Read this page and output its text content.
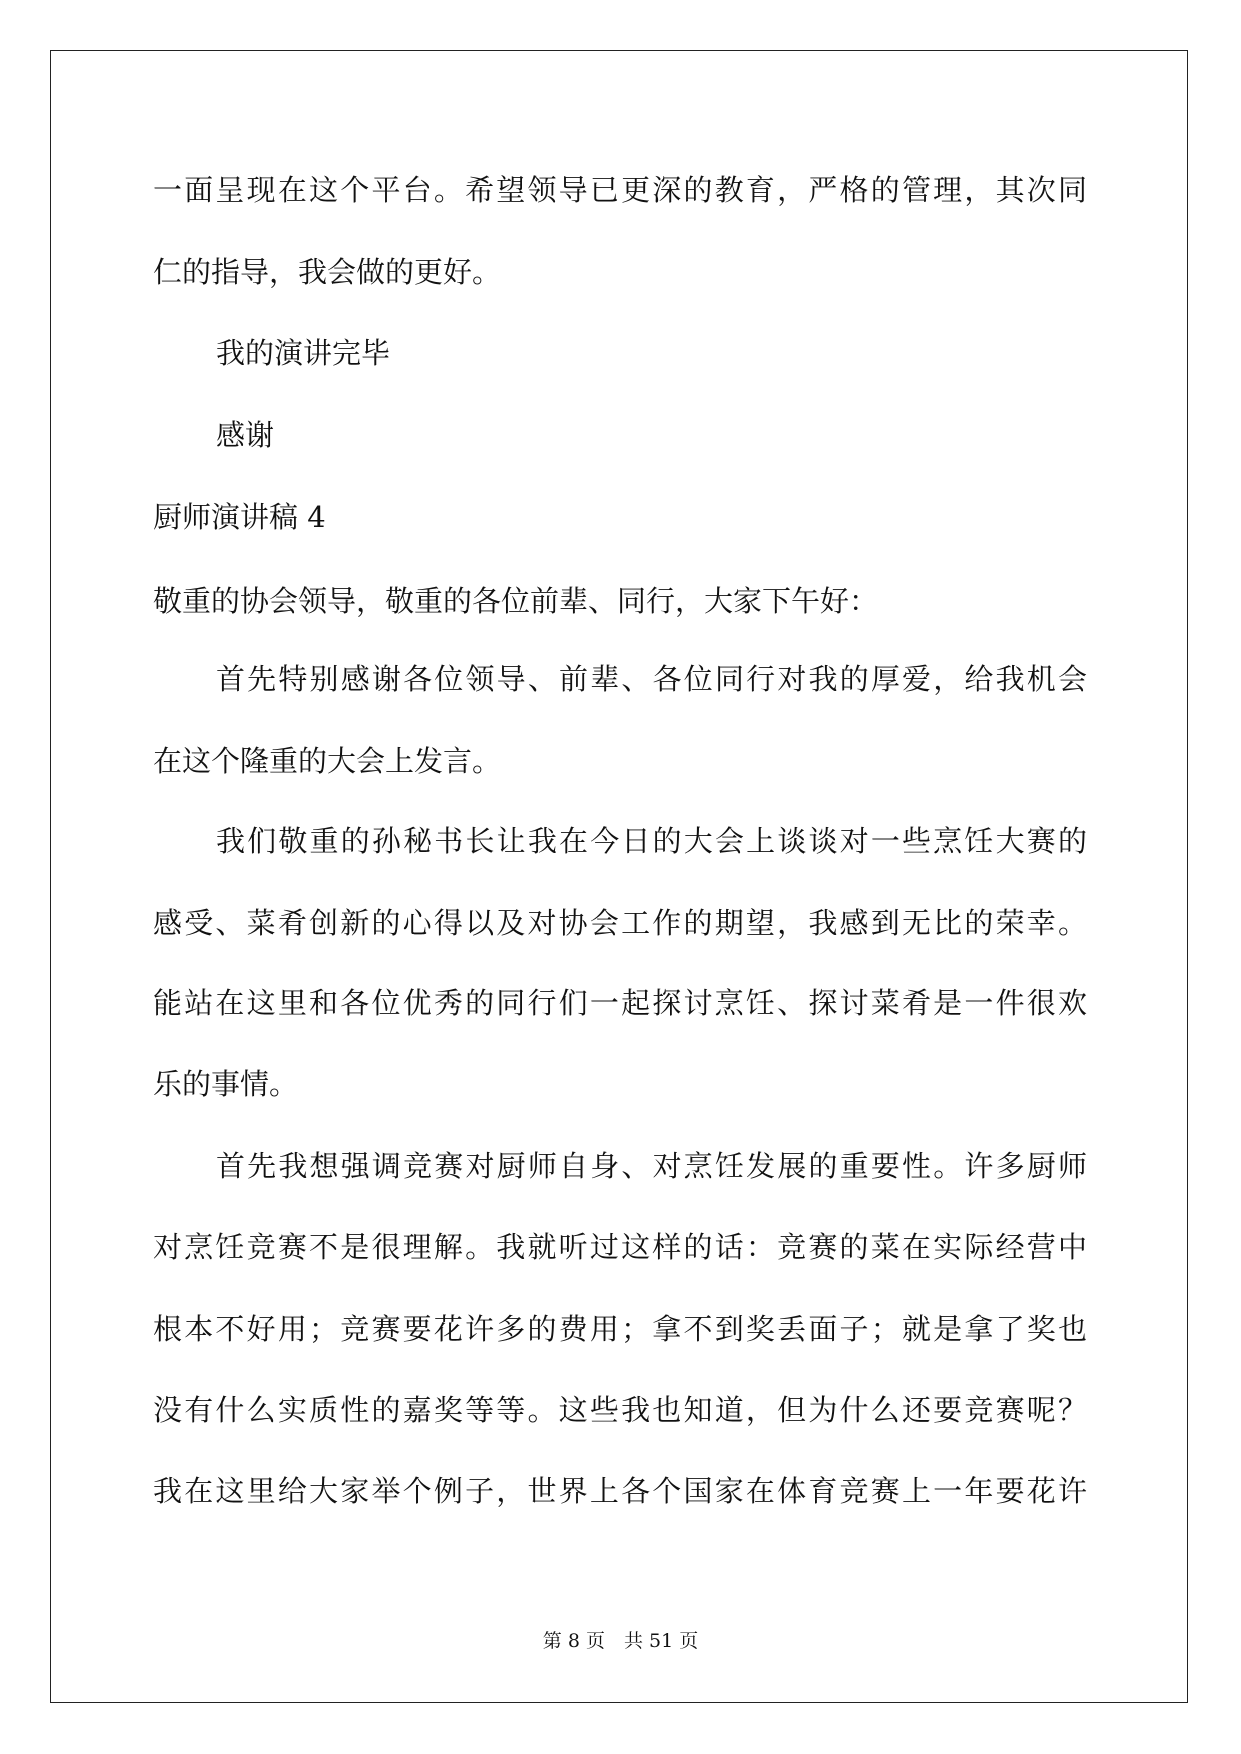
一面呈现在这个平台。希望领导已更深的教育，严格的管理，其次同
仁的指导，我会做的更好。
我的演讲完毕
感谢
厨师演讲稿 4
敬重的协会领导，敬重的各位前辈、同行，大家下午好：
首先特别感谢各位领导、前辈、各位同行对我的厚爱，给我机会
在这个隆重的大会上发言。
我们敬重的孙秘书长让我在今日的大会上谈谈对一些烹饪大赛的
感受、菜肴创新的心得以及对协会工作的期望，我感到无比的荣幸。
能站在这里和各位优秀的同行们一起探讨烹饪、探讨菜肴是一件很欢
乐的事情。
首先我想强调竞赛对厨师自身、对烹饪发展的重要性。许多厨师
对烹饪竞赛不是很理解。我就听过这样的话：竞赛的菜在实际经营中
根本不好用；竞赛要花许多的费用；拿不到奖丢面子；就是拿了奖也
没有什么实质性的嘉奖等等。这些我也知道，但为什么还要竞赛呢？
我在这里给大家举个例子，世界上各个国家在体育竞赛上一年要花许
第 8 页　共 51 页
